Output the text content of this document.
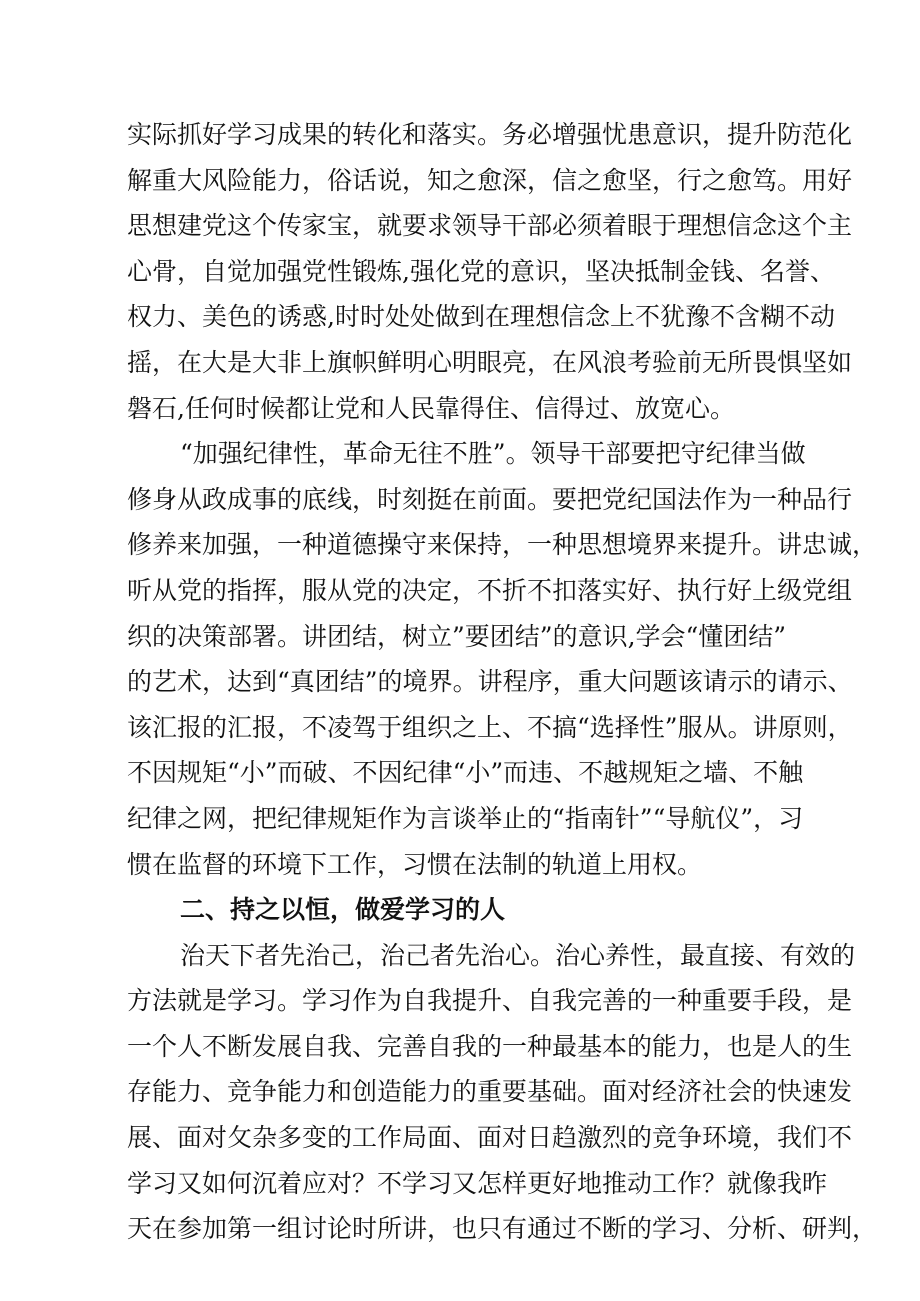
实际抓好学习成果的转化和落实。务必增强忧患意识，提升防范化
解重大风险能力，俗话说，知之愈深，信之愈坚，行之愈笃。用好
思想建党这个传家宝，就要求领导干部必须着眼于理想信念这个主
心骨，自觉加强党性锻炼,强化党的意识，坚决抵制金钱、名誉、
权力、美色的诱惑,时时处处做到在理想信念上不犹豫不含糊不动
摇，在大是大非上旗帜鲜明心明眼亮，在风浪考验前无所畏惧坚如
磐石,任何时候都让党和人民靠得住、信得过、放宽心。
“加强纪律性，革命无往不胜”。领导干部要把守纪律当做
修身从政成事的底线，时刻挺在前面。要把党纪国法作为一种品行
修养来加强，一种道德操守来保持，一种思想境界来提升。讲忠诚，
听从党的指挥，服从党的决定，不折不扣落实好、执行好上级党组
织的决策部署。讲团结，树立”要团结”的意识,学会“懂团结”
的艺术，达到“真团结”的境界。讲程序，重大问题该请示的请示、
该汇报的汇报，不凌驾于组织之上、不搞“选择性”服从。讲原则，
不因规矩“小”而破、不因纪律“小”而违、不越规矩之墙、不触
纪律之网，把纪律规矩作为言谈举止的“指南针”“导航仪”，习
惯在监督的环境下工作，习惯在法制的轨道上用权。
二、持之以恒，做爱学习的人
治天下者先治己，治己者先治心。治心养性，最直接、有效的
方法就是学习。学习作为自我提升、自我完善的一种重要手段，是
一个人不断发展自我、完善自我的一种最基本的能力，也是人的生
存能力、竞争能力和创造能力的重要基础。面对经济社会的快速发
展、面对攵杂多变的工作局面、面对日趋激烈的竞争环境，我们不
学习又如何沉着应对？不学习又怎样更好地推动工作？就像我昨
天在参加第一组讨论时所讲，也只有通过不断的学习、分析、研判，
